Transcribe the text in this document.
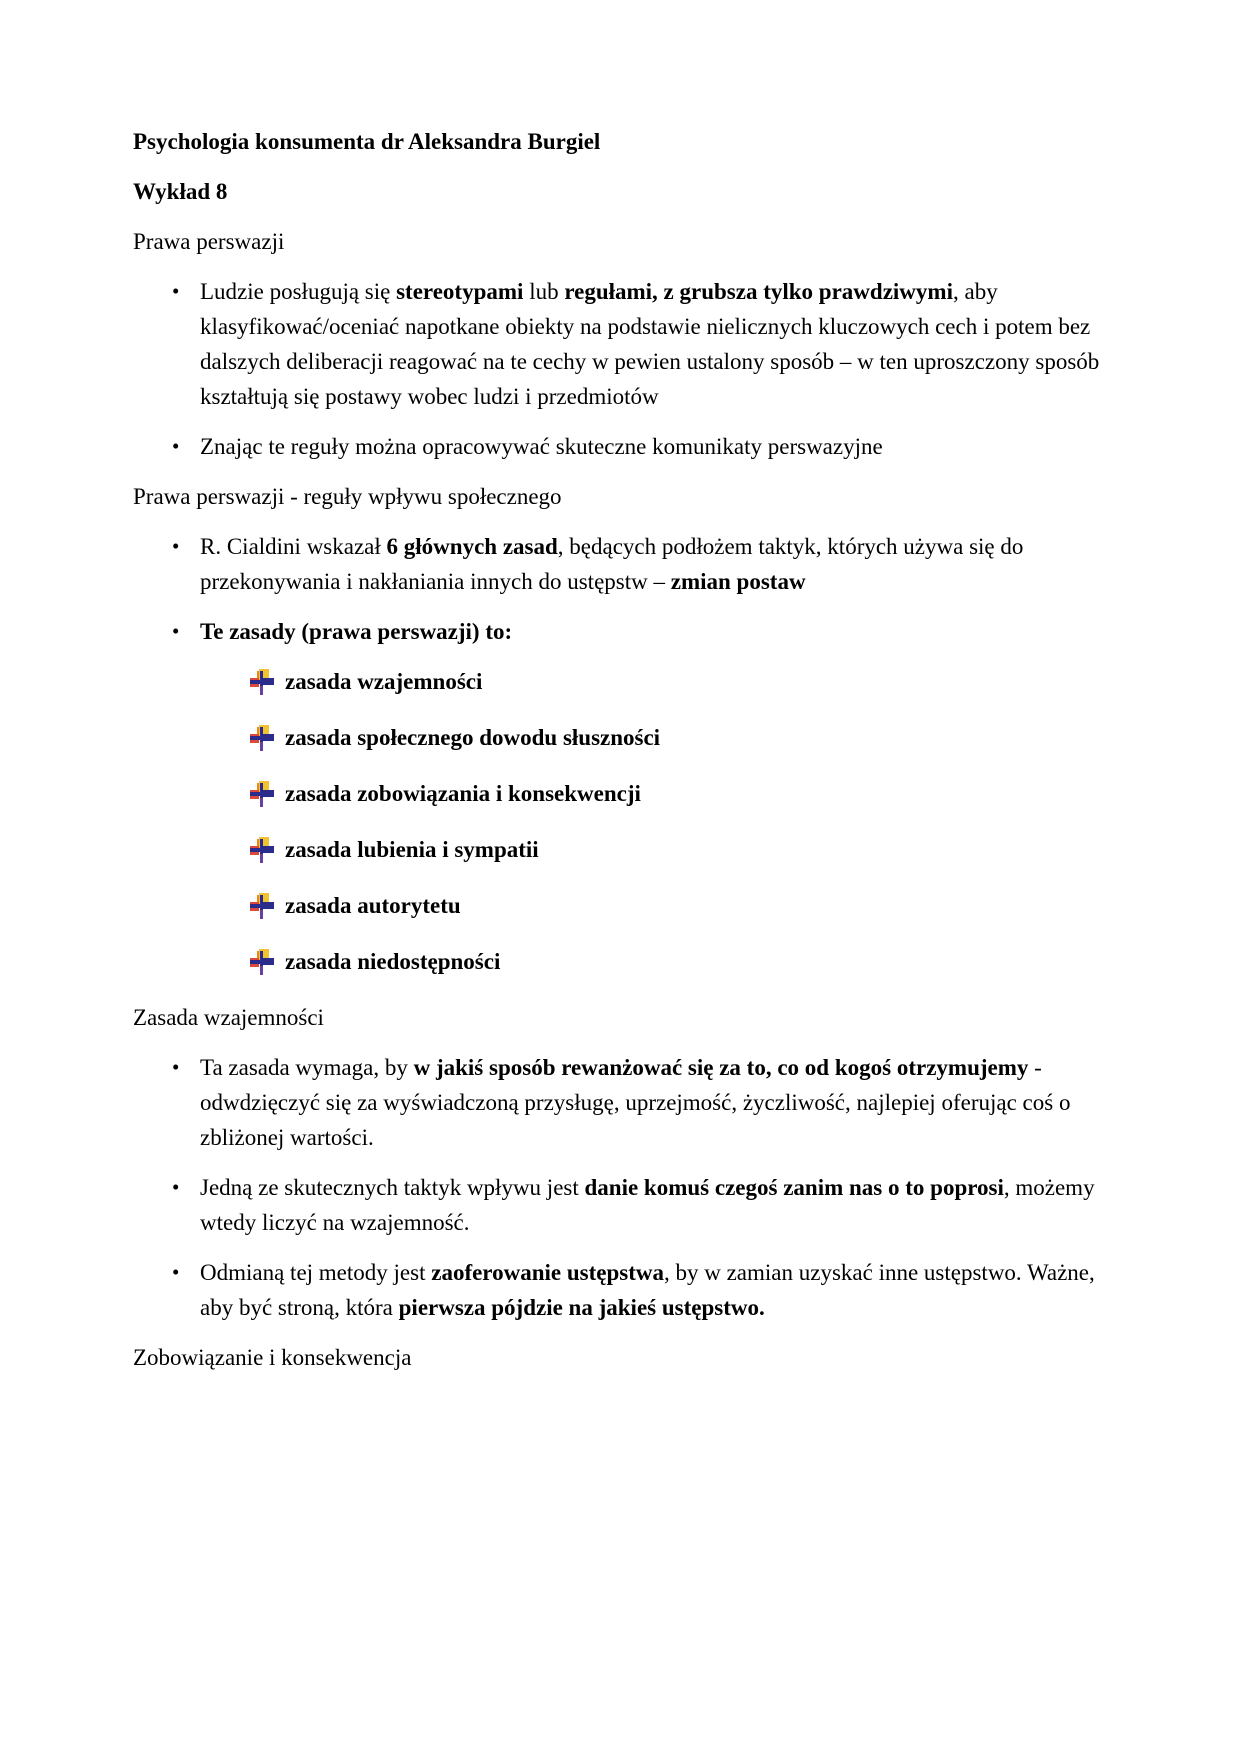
Psychologia konsumenta dr Aleksandra Burgiel

Wykład 8

Prawa perswazji

• Ludzie posługują się stereotypami lub regułami, z grubsza tylko prawdziwymi, aby klasyfikować/oceniać napotkane obiekty na podstawie nielicznych kluczowych cech i potem bez dalszych deliberacji reagować na te cechy w pewien ustalony sposób – w ten uproszczony sposób kształtują się postawy wobec ludzi i przedmiotów
• Znając te reguły można opracowywać skuteczne komunikaty perswazyjne

Prawa perswazji - reguły wpływu społecznego

• R. Cialdini wskazał 6 głównych zasad, będących podłożem taktyk, których używa się do przekonywania i nakłaniania innych do ustępstw – zmian postaw
• Te zasady (prawa perswazji) to:
zasada wzajemności
zasada społecznego dowodu słuszności
zasada zobowiązania i konsekwencji
zasada lubienia i sympatii
zasada autorytetu
zasada niedostępności

Zasada wzajemności

• Ta zasada wymaga, by w jakiś sposób rewanżować się za to, co od kogoś otrzymujemy - odwdzięczyć się za wyświadczoną przysługę, uprzejmość, życzliwość, najlepiej oferując coś o zbliżonej wartości.
• Jedną ze skutecznych taktyk wpływu jest danie komuś czegoś zanim nas o to poprosi, możemy wtedy liczyć na wzajemność.
• Odmianą tej metody jest zaoferowanie ustępstwa, by w zamian uzyskać inne ustępstwo. Ważne, aby być stroną, która pierwsza pójdzie na jakieś ustępstwo.

Zobowiązanie i konsekwencja
